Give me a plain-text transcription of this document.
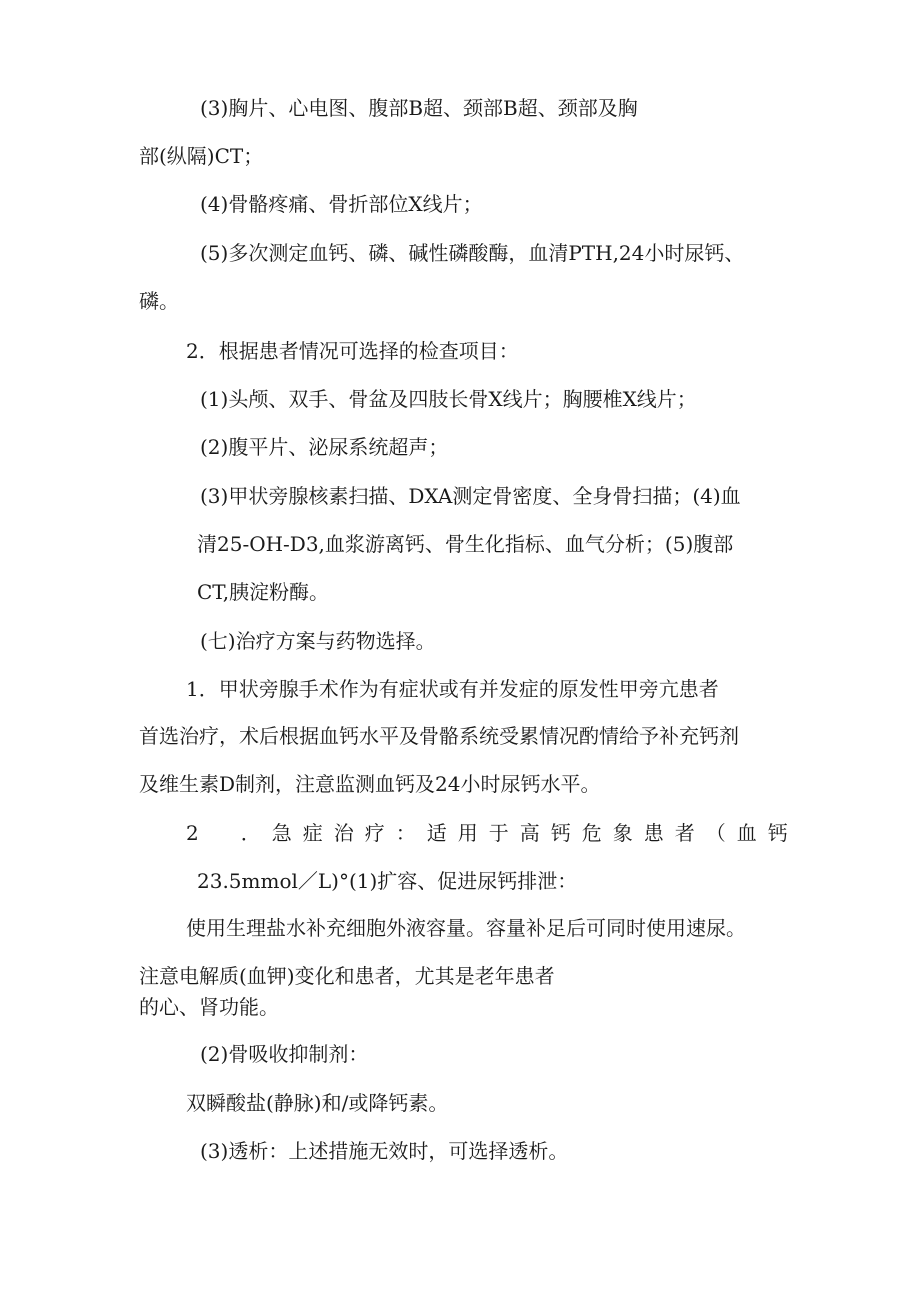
(3)胸片、心电图、腹部B超、颈部B超、颈部及胸
部(纵隔)CT；
(4)骨骼疼痛、骨折部位X线片；
(5)多次测定血钙、磷、碱性磷酸酶，血清PTH,24小时尿钙、
磷。
2．根据患者情况可选择的检查项目：
(1)头颅、双手、骨盆及四肢长骨X线片；胸腰椎X线片；
(2)腹平片、泌尿系统超声；
(3)甲状旁腺核素扫描、DXA测定骨密度、全身骨扫描；(4)血
清25-OH-D3,血浆游离钙、骨生化指标、血气分析；(5)腹部
CT,胰淀粉酶。
(七)治疗方案与药物选择。
1．甲状旁腺手术作为有症状或有并发症的原发性甲旁亢患者
首选治疗，术后根据血钙水平及骨骼系统受累情况酌情给予补充钙剂
及维生素D制剂，注意监测血钙及24小时尿钙水平。
2　．急症治疗：适用于高钙危象患者（血钙
23.5mmol／L)°(1)扩容、促进尿钙排泄：
使用生理盐水补充细胞外液容量。容量补足后可同时使用速尿。
注意电解质(血钾)变化和患者，尤其是老年患者
的心、肾功能。
(2)骨吸收抑制剂：
双瞬酸盐(静脉)和/或降钙素。
(3)透析：上述措施无效时，可选择透析。
